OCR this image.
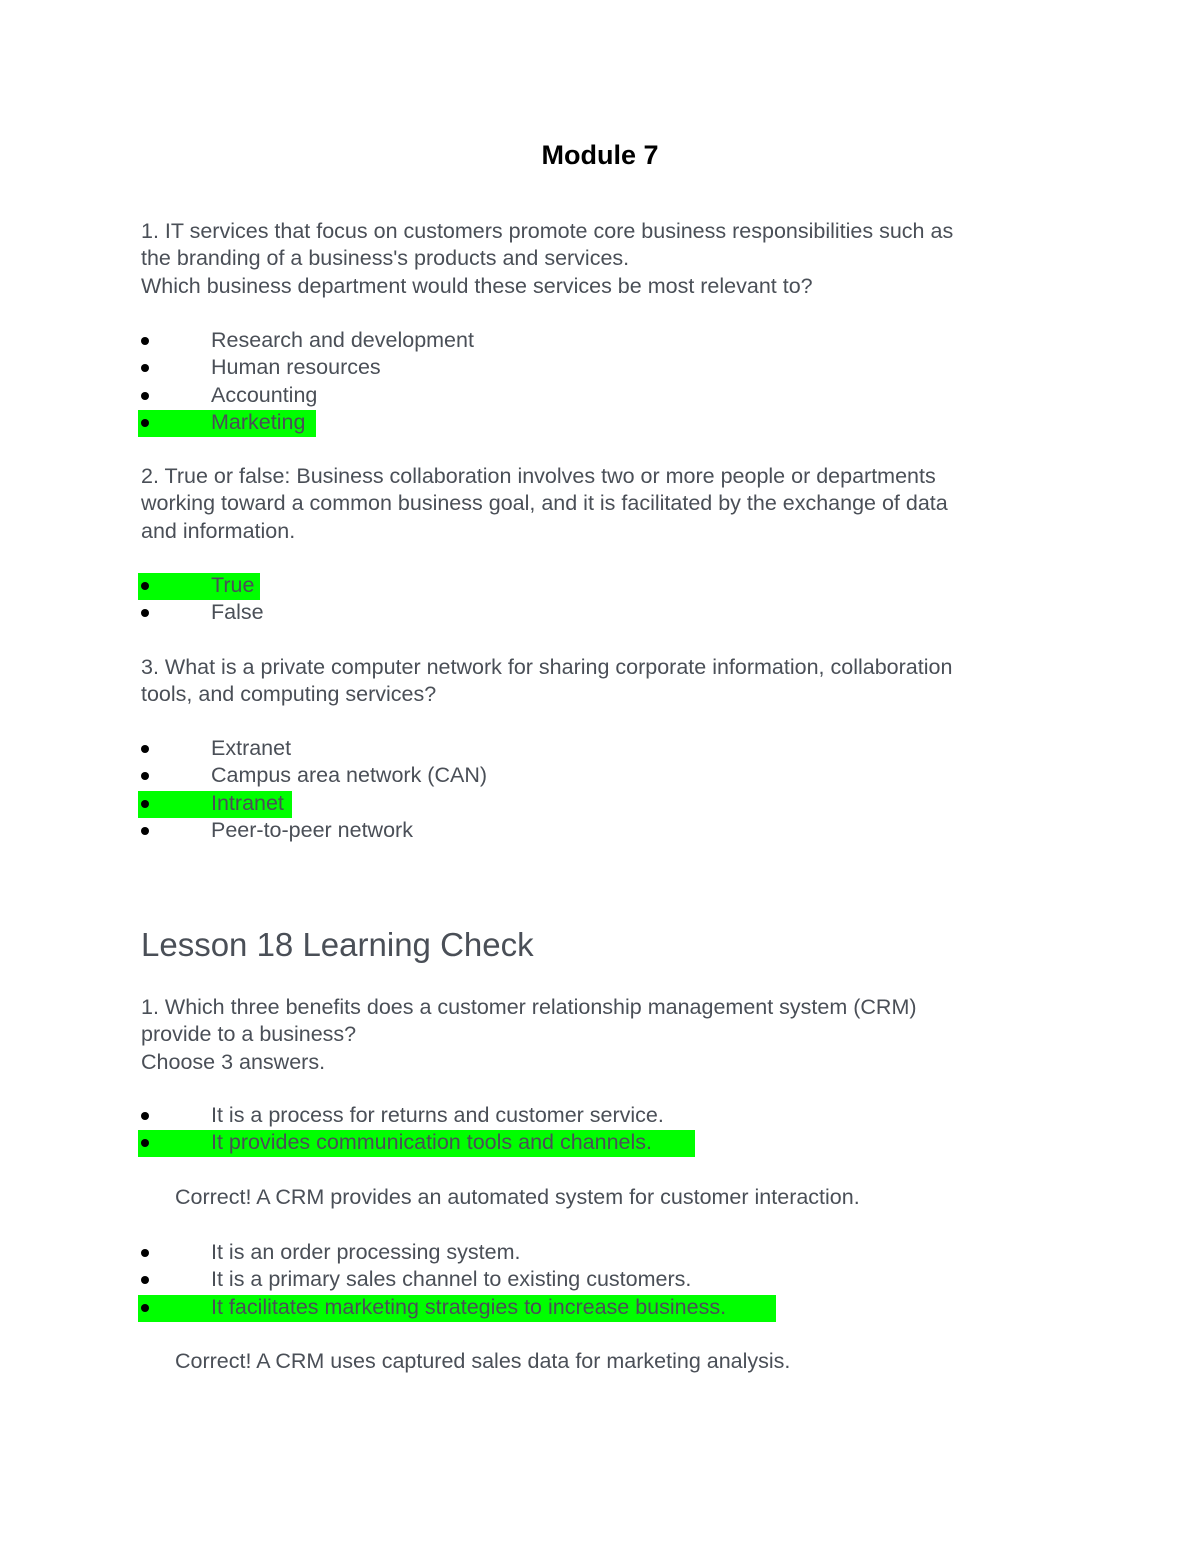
Module 7
1. IT services that focus on customers promote core business responsibilities such as
the branding of a business's products and services.
Which business department would these services be most relevant to?
Research and development
Human resources
Accounting
Marketing
2. True or false: Business collaboration involves two or more people or departments
working toward a common business goal, and it is facilitated by the exchange of data
and information.
True
False
3. What is a private computer network for sharing corporate information, collaboration
tools, and computing services?
Extranet
Campus area network (CAN)
Intranet
Peer-to-peer network
Lesson 18 Learning Check
1. Which three benefits does a customer relationship management system (CRM)
provide to a business?
Choose 3 answers.
It is a process for returns and customer service.
It provides communication tools and channels.
Correct! A CRM provides an automated system for customer interaction.
It is an order processing system.
It is a primary sales channel to existing customers.
It facilitates marketing strategies to increase business.
Correct! A CRM uses captured sales data for marketing analysis.
